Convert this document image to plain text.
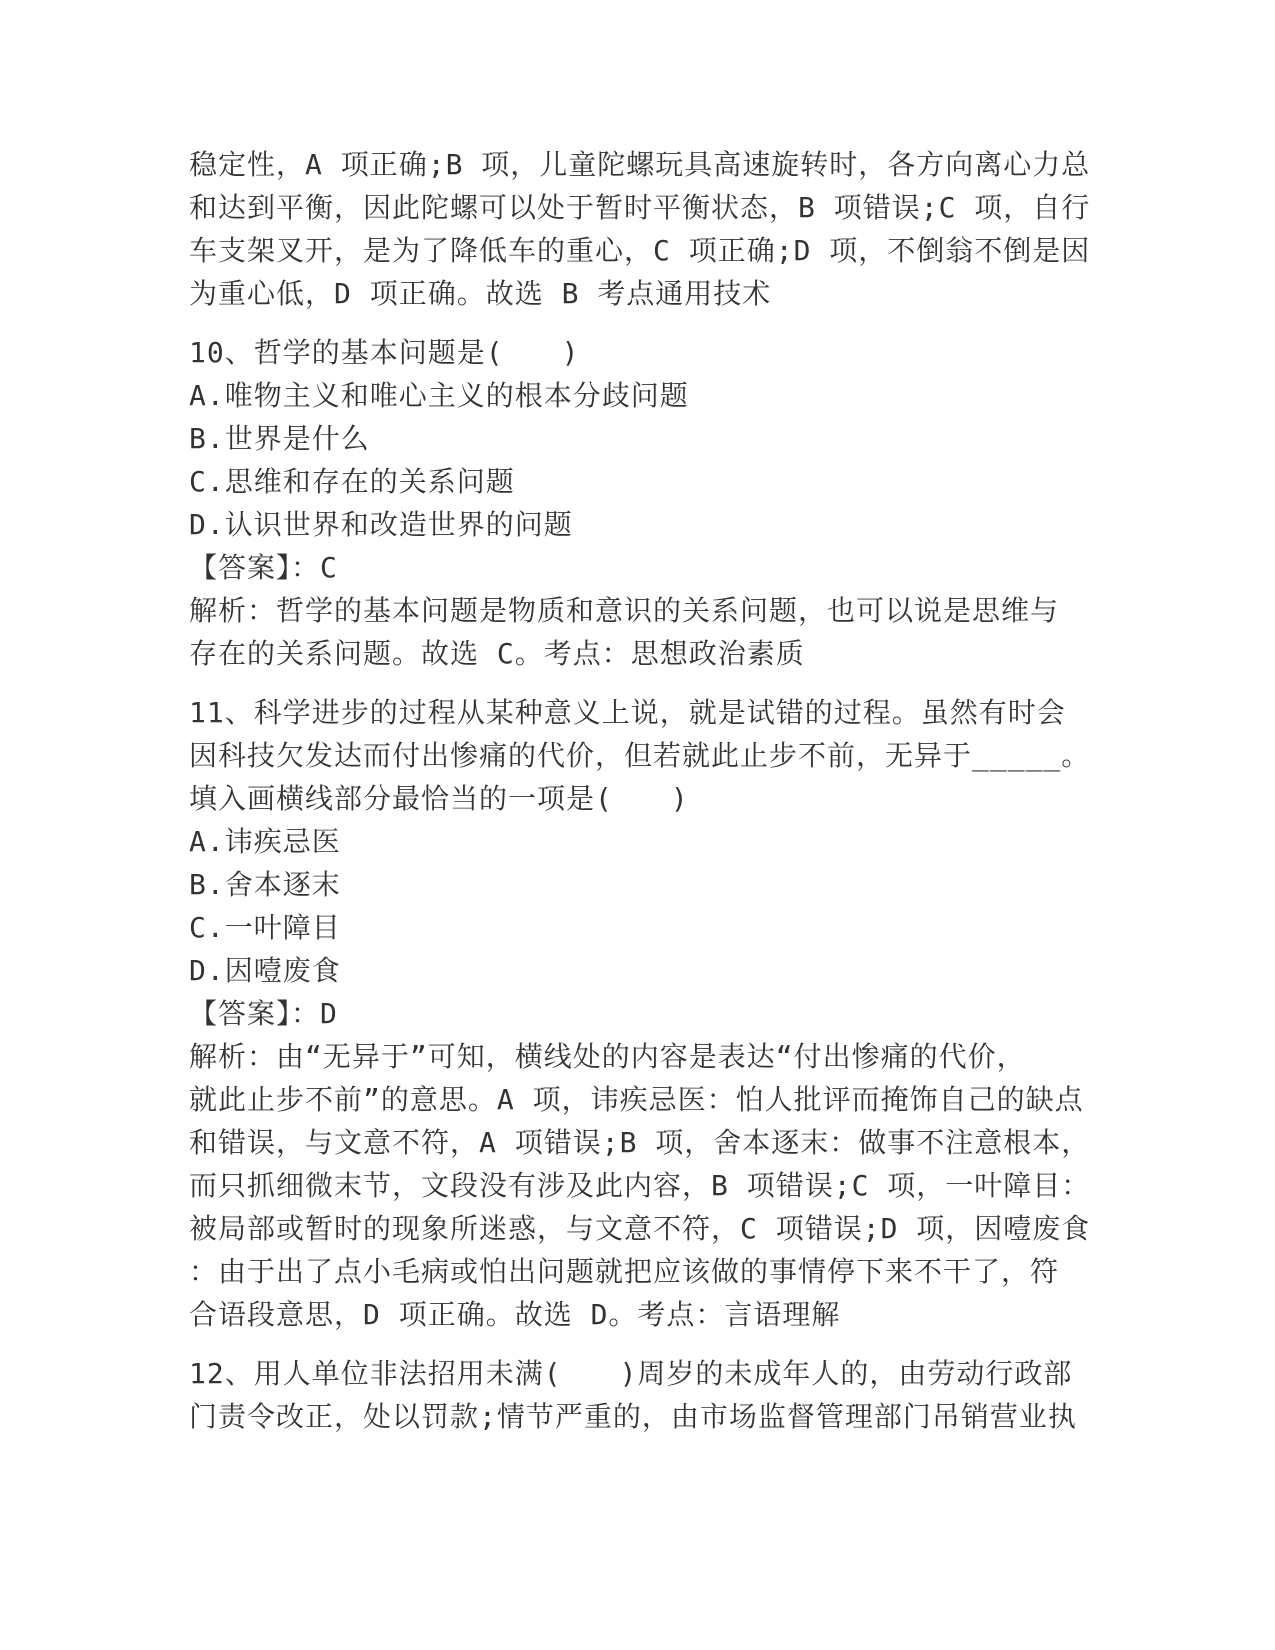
稳定性，A 项正确;B 项，儿童陀螺玩具高速旋转时，各方向离心力总
和达到平衡，因此陀螺可以处于暂时平衡状态，B 项错误;C 项，自行
车支架叉开，是为了降低车的重心，C 项正确;D 项，不倒翁不倒是因
为重心低，D 项正确。故选 B 考点通用技术
10、哲学的基本问题是(　　)
A.唯物主义和唯心主义的根本分歧问题
B.世界是什么
C.思维和存在的关系问题
D.认识世界和改造世界的问题
【答案】：C
解析：哲学的基本问题是物质和意识的关系问题，也可以说是思维与
存在的关系问题。故选 C。考点：思想政治素质
11、科学进步的过程从某种意义上说，就是试错的过程。虽然有时会
因科技欠发达而付出惨痛的代价，但若就此止步不前，无异于_____。
填入画横线部分最恰当的一项是(　　)
A.讳疾忌医
B.舍本逐末
C.一叶障目
D.因噎废食
【答案】：D
解析：由“无异于”可知，横线处的内容是表达“付出惨痛的代价，
就此止步不前”的意思。A 项，讳疾忌医：怕人批评而掩饰自己的缺点
和错误，与文意不符，A 项错误;B 项，舍本逐末：做事不注意根本，
而只抓细微末节，文段没有涉及此内容，B 项错误;C 项，一叶障目：
被局部或暂时的现象所迷惑，与文意不符，C 项错误;D 项，因噎废食
：由于出了点小毛病或怕出问题就把应该做的事情停下来不干了，符
合语段意思，D 项正确。故选 D。考点：言语理解
12、用人单位非法招用未满(　　)周岁的未成年人的，由劳动行政部
门责令改正，处以罚款;情节严重的，由市场监督管理部门吊销营业执
